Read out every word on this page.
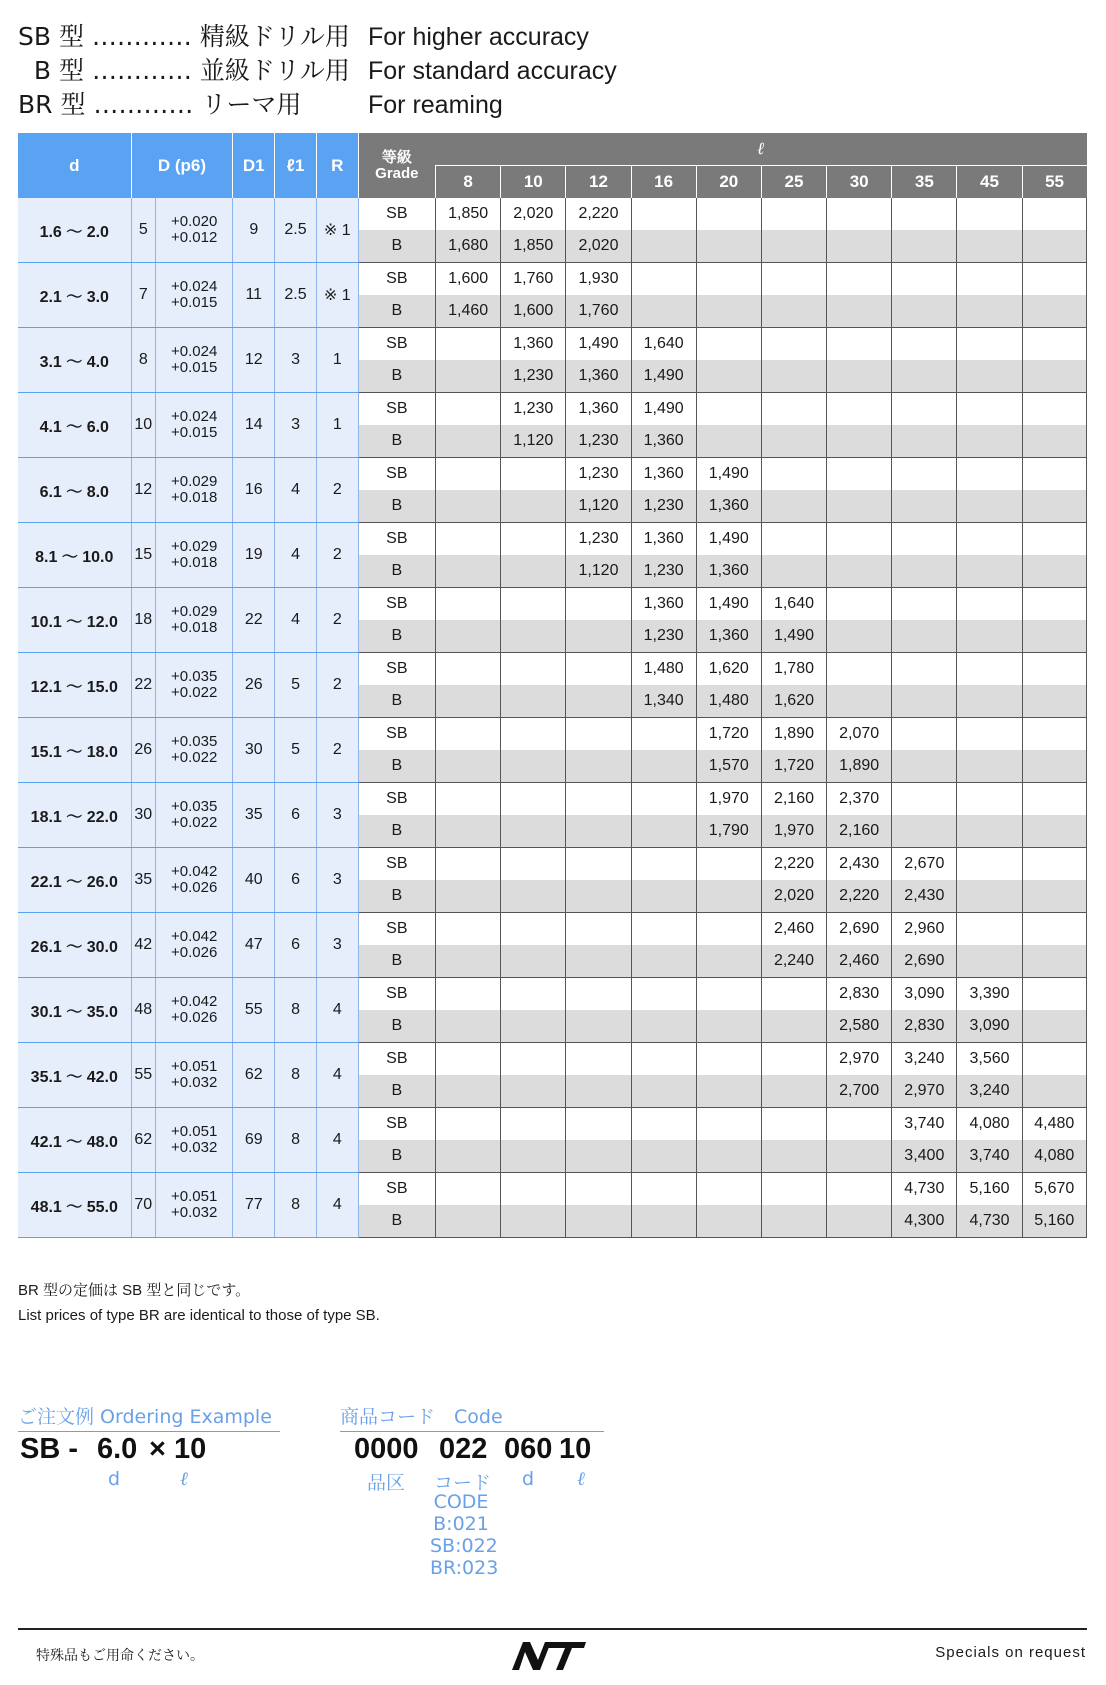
SB 型 ………… 精級ドリル用 For higher accuracy
B 型 ………… 並級ドリル用 For standard accuracy
BR 型 ………… リーマ用	For reaming
d	D (p6)		D1	ℓ1	R	等級
Grade	ℓ									
							8	10	12	16	20	25	30	35	45	55
1.6 ～ 2.0	5	+0.020
+0.012	9	2.5	※ 1	SB	1,850	2,020	2,220							
						B	1,680	1,850	2,020							
2.1 ～ 3.0	7	+0.024
+0.015	11	2.5	※ 1	SB	1,600	1,760	1,930							
						B	1,460	1,600	1,760							
3.1 ～ 4.0	8	+0.024
+0.015	12	3	1	SB		1,360	1,490	1,640						
						B		1,230	1,360	1,490						
4.1 ～ 6.0	10	+0.024
+0.015	14	3	1	SB		1,230	1,360	1,490						
						B		1,120	1,230	1,360						
6.1 ～ 8.0	12	+0.029
+0.018	16	4	2	SB			1,230	1,360	1,490					
						B			1,120	1,230	1,360					
8.1 ～ 10.0	15	+0.029
+0.018	19	4	2	SB			1,230	1,360	1,490					
						B			1,120	1,230	1,360					
10.1 ～ 12.0	18	+0.029
+0.018	22	4	2	SB				1,360	1,490	1,640				
						B				1,230	1,360	1,490				
12.1 ～ 15.0	22	+0.035
+0.022	26	5	2	SB				1,480	1,620	1,780				
						B				1,340	1,480	1,620				
15.1 ～ 18.0	26	+0.035
+0.022	30	5	2	SB					1,720	1,890	2,070			
						B					1,570	1,720	1,890			
18.1 ～ 22.0	30	+0.035
+0.022	35	6	3	SB					1,970	2,160	2,370			
						B					1,790	1,970	2,160			
22.1 ～ 26.0	35	+0.042
+0.026	40	6	3	SB						2,220	2,430	2,670		
						B						2,020	2,220	2,430		
26.1 ～ 30.0	42	+0.042
+0.026	47	6	3	SB						2,460	2,690	2,960		
						B						2,240	2,460	2,690		
30.1 ～ 35.0	48	+0.042
+0.026	55	8	4	SB							2,830	3,090	3,390	
						B							2,580	2,830	3,090	
35.1 ～ 42.0	55	+0.051
+0.032	62	8	4	SB							2,970	3,240	3,560	
						B							2,700	2,970	3,240	
42.1 ～ 48.0	62	+0.051
+0.032	69	8	4	SB								3,740	4,080	4,480
						B								3,400	3,740	4,080
48.1 ～ 55.0	70	+0.051
+0.032	77	8	4	SB								4,730	5,160	5,670
						B								4,300	4,730	5,160
BR 型の定価は SB 型と同じです。
List prices of type BR are identical to those of type SB.
ご注文例 Ordering Example
SB - 6.0 × 10
d	ℓ
商品コード　Code
0000 022 060 10
品区 コード d ℓ
CODE
B:021
SB:022
BR:023
特殊品もご用命ください。	Specials on request
